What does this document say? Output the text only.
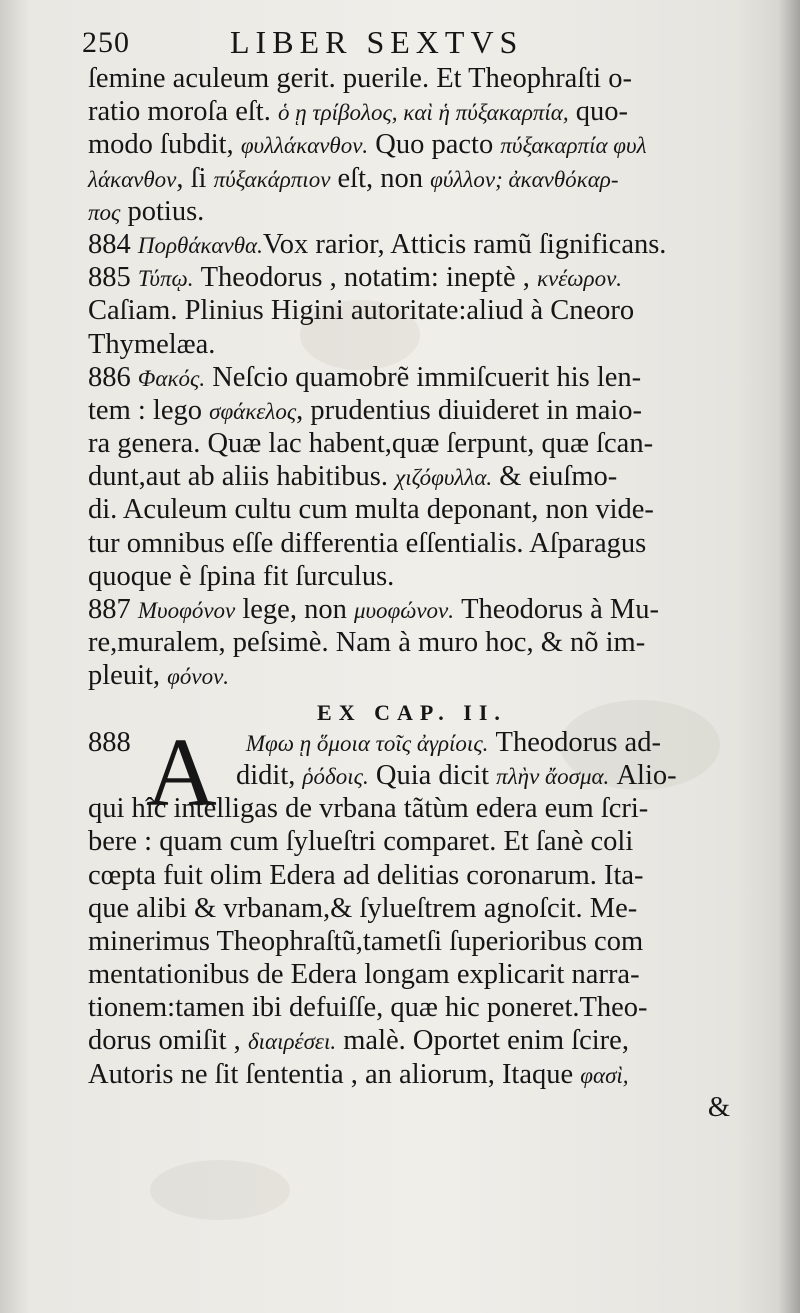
250	LIBER SEXTVS
ſemine aculeum gerit. puerile. Et Theophraſti o-
ratio moroſa eſt. ὁ ῃ τρίβολος, καὶ ἡ πύξακαρπία, quo-
modo ſubdit, φυλλάκανθον. Quo pacto πύξακαρπία φυλ
λάκανθον, ſi πύξακάρπιον eſt, non φύλλον; ἀκανθόκαρ-
πος potius.
884 Πορθάκανθα.Vox rarior, Atticis ramũ ſignificans.
885 Τύπῳ. Theodorus , notatim: ineptè , κνέωρον.
Caſiam. Plinius Higini autoritate:aliud à Cneoro
Thymelæa.
886 Φακός. Neſcio quamobrẽ immiſcuerit his len-
tem : lego σφάκελος, prudentius diuideret in maio-
ra genera. Quæ lac habent,quæ ſerpunt, quæ ſcan-
dunt,aut ab aliis habitibus. χιζόφυλλα. & eiuſmo-
di. Aculeum cultu cum multa deponant, non vide-
tur omnibus eſſe differentia eſſentialis. Aſparagus
quoque è ſpina fit ſurculus.
887 Μυοφόνον lege, non μυοφώνον. Theodorus à Mu-
re,muralem, peſsimè. Nam à muro hoc, & nõ im-
pleuit, φόνον.
EX CAP. II.
888 A Μφω ῃ ὅμοια τοῖς ἀγρίοις. Theodorus ad-
didit, ῥόδοις. Quia dicit πλὴν ἄοσμα. Alio-
qui hîc intelligas de vrbana tãtùm edera eum ſcri-
bere : quam cum ſylueſtri comparet. Et ſanè coli
cœpta fuit olim Edera ad delitias coronarum. Ita-
que alibi & vrbanam,& ſylueſtrem agnoſcit. Me-
minerimus Theophraſtũ,tametſi ſuperioribus com
mentationibus de Edera longam explicarit narra-
tionem:tamen ibi defuiſſe, quæ hic poneret.Theo-
dorus omiſit , διαιρέσει. malè. Oportet enim ſcire,
Autoris ne ſit ſententia , an aliorum, Itaque φασὶ,
&
